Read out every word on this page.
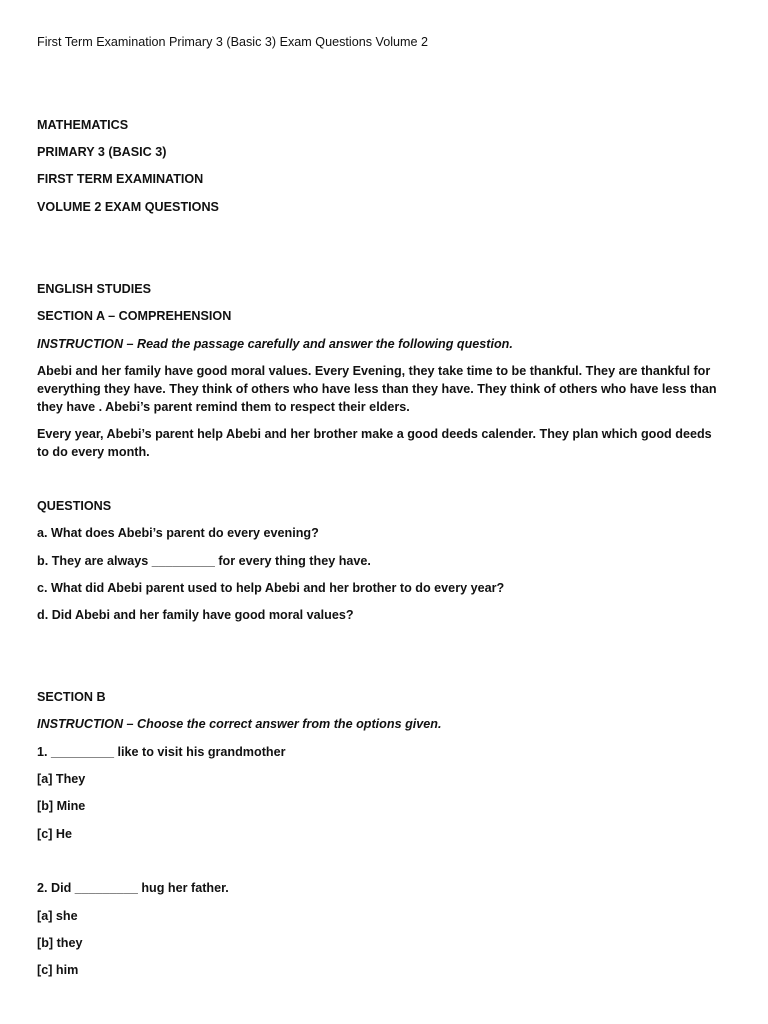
First Term Examination Primary 3 (Basic 3) Exam Questions Volume 2
MATHEMATICS
PRIMARY 3 (BASIC 3)
FIRST TERM EXAMINATION
VOLUME 2 EXAM QUESTIONS
ENGLISH STUDIES
SECTION A – COMPREHENSION
INSTRUCTION – Read the passage carefully and answer the following question.
Abebi and her family have good moral values. Every Evening, they take time to be thankful. They are thankful for everything they have. They think of others who have less than they have. They think of others who have less than they have . Abebi’s parent remind them to respect their elders.
Every year, Abebi’s parent help Abebi and her brother make a good deeds calender. They plan which good deeds to do every month.
QUESTIONS
a. What does Abebi’s parent do every evening?
b. They are always _________ for every thing they have.
c. What did Abebi parent used to help Abebi and her brother to do every year?
d. Did Abebi and her family have good moral values?
SECTION B
INSTRUCTION – Choose the correct answer from the options given.
1. _________ like to visit his grandmother
[a] They
[b] Mine
[c] He
2. Did _________ hug her father.
[a] she
[b] they
[c] him
